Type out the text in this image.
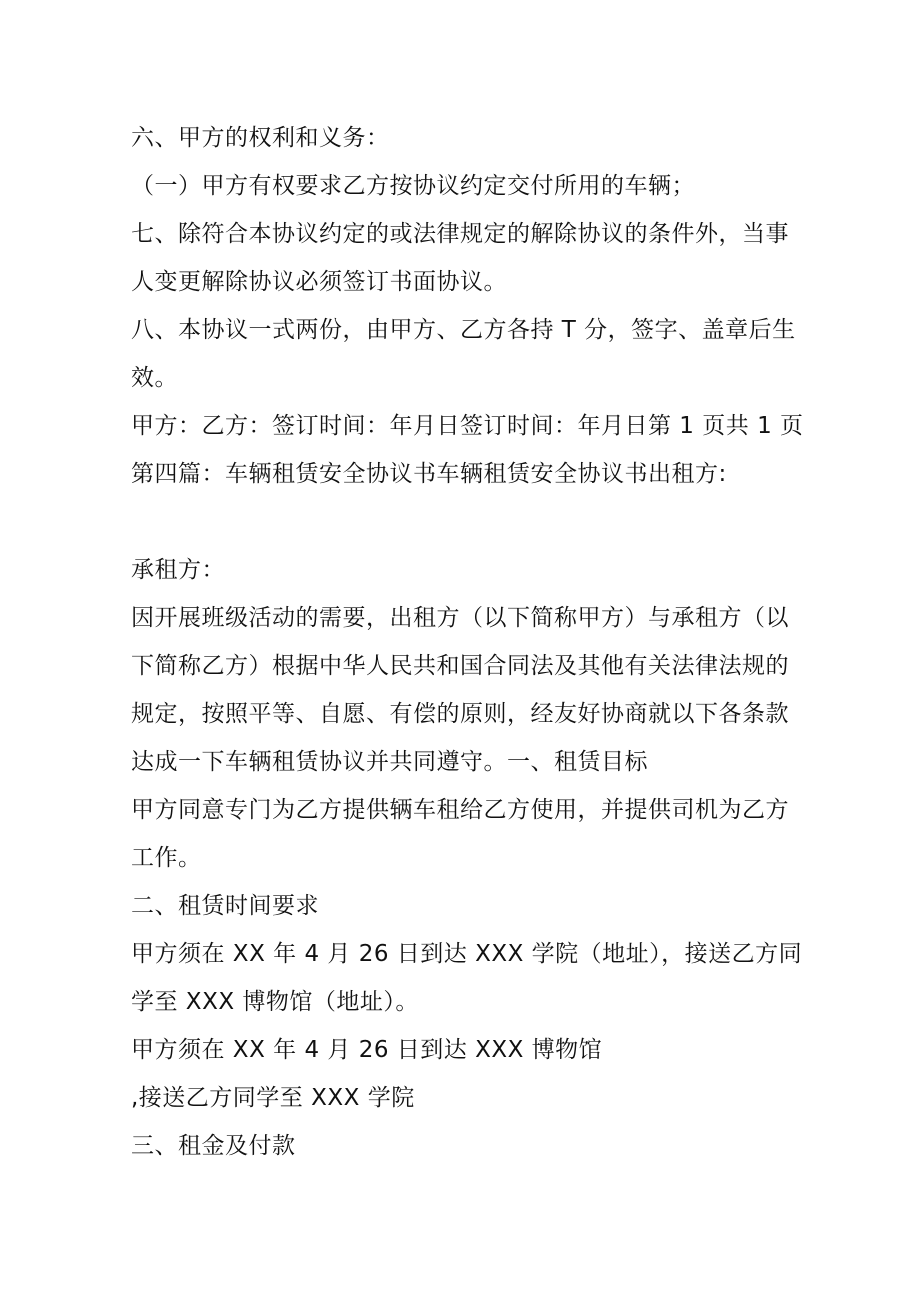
六、甲方的权利和义务：
（一）甲方有权要求乙方按协议约定交付所用的车辆；
七、除符合本协议约定的或法律规定的解除协议的条件外，当事
人变更解除协议必须签订书面协议。
八、本协议一式两份，由甲方、乙方各持 T 分，签字、盖章后生
效。
甲方：乙方：签订时间：年月日签订时间：年月日第 1 页共 1 页
第四篇：车辆租赁安全协议书车辆租赁安全协议书出租方:
承租方：
因开展班级活动的需要，出租方（以下简称甲方）与承租方（以
下简称乙方）根据中华人民共和国合同法及其他有关法律法规的
规定，按照平等、自愿、有偿的原则，经友好协商就以下各条款
达成一下车辆租赁协议并共同遵守。一、租赁目标
甲方同意专门为乙方提供辆车租给乙方使用，并提供司机为乙方
工作。
二、租赁时间要求
甲方须在 XX 年 4 月 26 日到达 XXX 学院（地址），接送乙方同
学至 XXX 博物馆（地址）。
甲方须在 XX 年 4 月 26 日到达 XXX 博物馆
,接送乙方同学至 XXX 学院
三、租金及付款
